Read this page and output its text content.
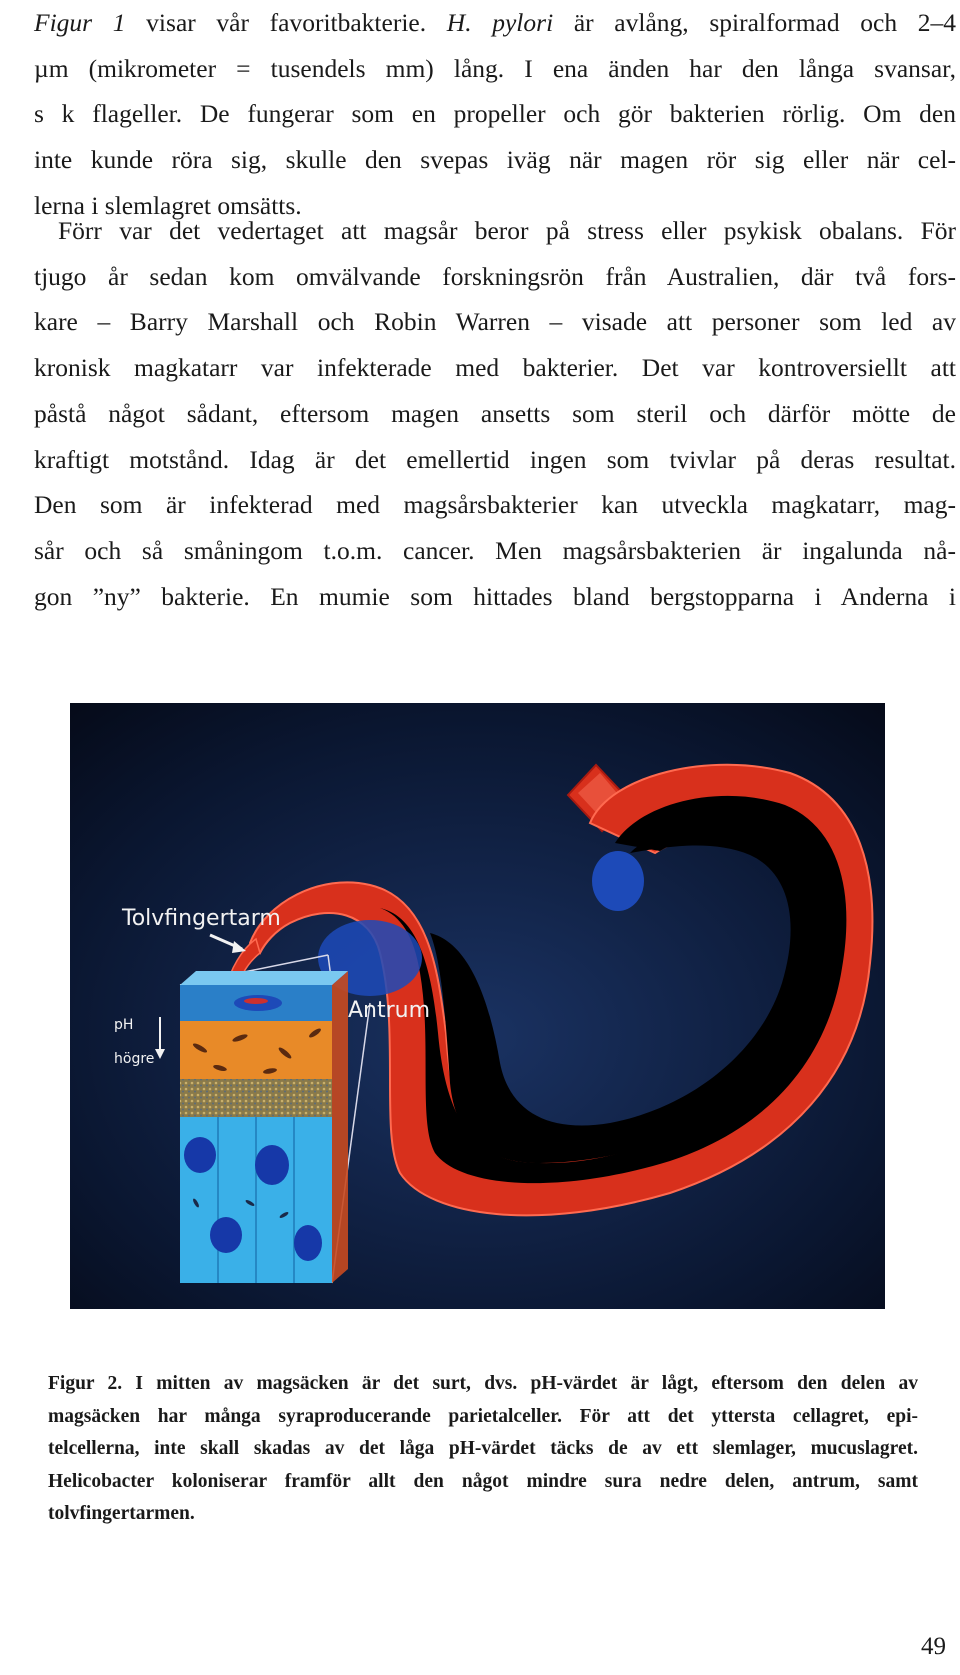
Figur 1 visar vår favoritbakterie. H. pylori är avlång, spiralformad och 2–4
µm (mikrometer = tusendels mm) lång. I ena änden har den långa svansar,
s k flageller. De fungerar som en propeller och gör bakterien rörlig. Om den
inte kunde röra sig, skulle den svepas iväg när magen rör sig eller när cel-
lerna i slemlagret omsätts.
Förr var det vedertaget att magsår beror på stress eller psykisk obalans. För
tjugo år sedan kom omvälvande forskningsrön från Australien, där två fors-
kare – Barry Marshall och Robin Warren – visade att personer som led av
kronisk magkatarr var infekterade med bakterier. Det var kontroversiellt att
påstå något sådant, eftersom magen ansetts som steril och därför mötte de
kraftigt motstånd. Idag är det emellertid ingen som tvivlar på deras resultat.
Den som är infekterad med magsårsbakterier kan utveckla magkatarr, mag-
sår och så småningom t.o.m. cancer. Men magsårsbakterien är ingalunda nå-
gon ”ny” bakterie. En mumie som hittades bland bergstopparna i Anderna i
Tolvfingertarm
Antrum
pH
högre
Figur 2. I mitten av magsäcken är det surt, dvs. pH-värdet är lågt, eftersom den delen av
magsäcken har många syraproducerande parietalceller. För att det yttersta cellagret, epi-
telcellerna, inte skall skadas av det låga pH-värdet täcks de av ett slemlager, mucuslagret.
Helicobacter koloniserar framför allt den något mindre sura nedre delen, antrum, samt
tolvfingertarmen.
49
